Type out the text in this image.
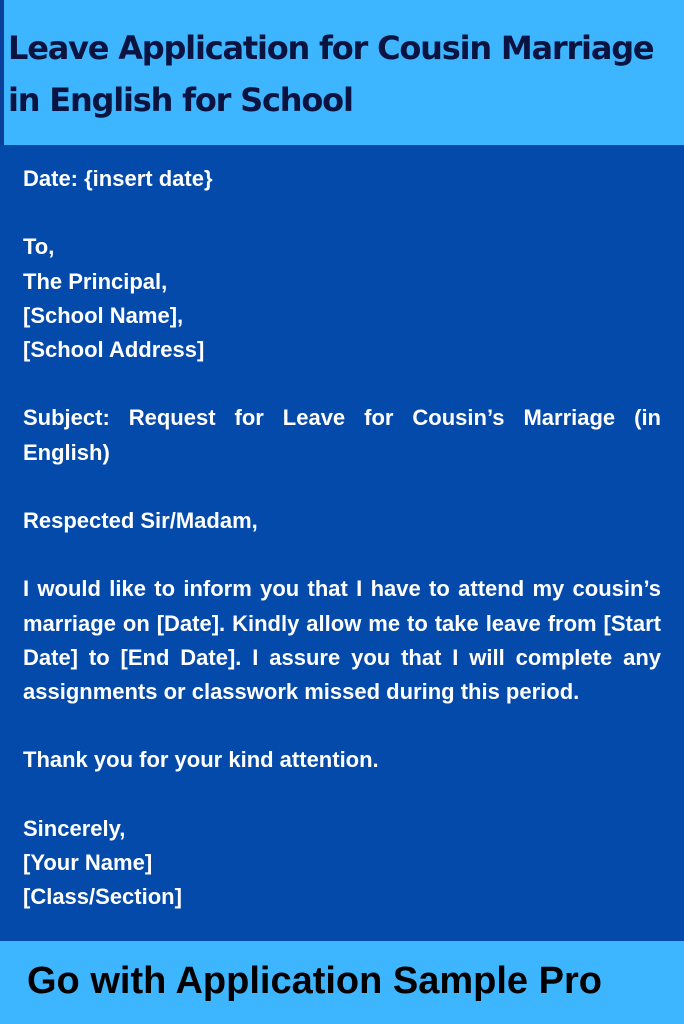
Leave Application for Cousin Marriage in English for School

Date: {insert date}

To,
The Principal,
[School Name],
[School Address]

Subject: Request for Leave for Cousin’s Marriage (in English)

Respected Sir/Madam,

I would like to inform you that I have to attend my cousin’s marriage on [Date]. Kindly allow me to take leave from [Start Date] to [End Date]. I assure you that I will complete any assignments or classwork missed during this period.

Thank you for your kind attention.

Sincerely,
[Your Name]
[Class/Section]

Go with Application Sample Pro
